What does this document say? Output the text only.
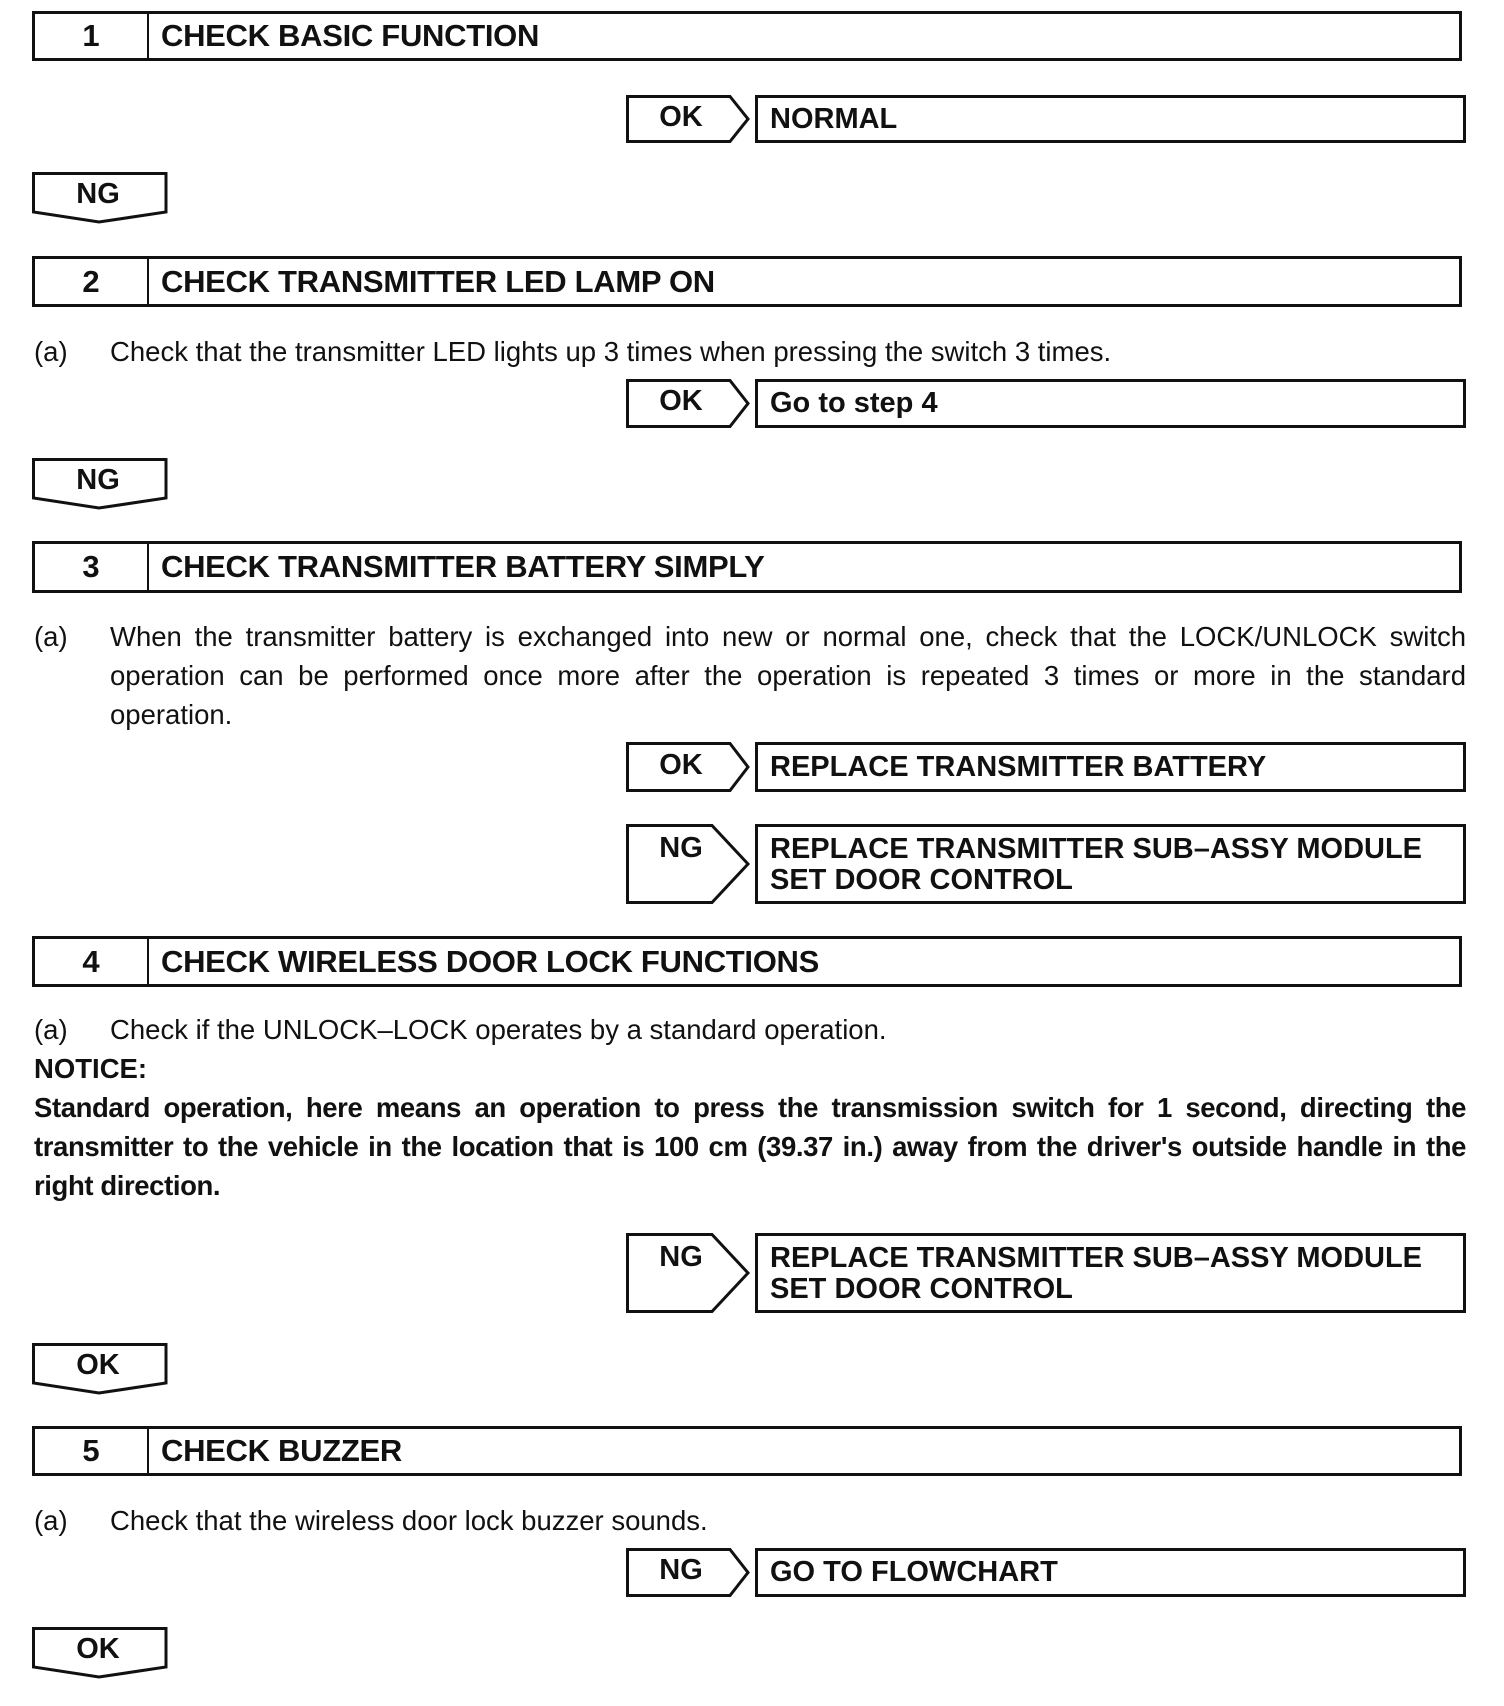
1	CHECK BASIC FUNCTION
OK	NORMAL
NG
2	CHECK TRANSMITTER LED LAMP ON
(a) Check that the transmitter LED lights up 3 times when pressing the switch 3 times.
OK	Go to step 4
NG
3	CHECK TRANSMITTER BATTERY SIMPLY
(a) When the transmitter battery is exchanged into new or normal one, check that the LOCK/UNLOCK switch operation can be performed once more after the operation is repeated 3 times or more in the standard operation.
OK	REPLACE TRANSMITTER BATTERY
NG	REPLACE TRANSMITTER SUB–ASSY MODULE
SET DOOR CONTROL
4	CHECK WIRELESS DOOR LOCK FUNCTIONS
(a) Check if the UNLOCK–LOCK operates by a standard operation.
NOTICE:
Standard operation, here means an operation to press the transmission switch for 1 second, directing the transmitter to the vehicle in the location that is 100 cm (39.37 in.) away from the driver's outside handle in the right direction.
NG	REPLACE TRANSMITTER SUB–ASSY MODULE
SET DOOR CONTROL
OK
5	CHECK BUZZER
(a) Check that the wireless door lock buzzer sounds.
NG	GO TO FLOWCHART
OK
